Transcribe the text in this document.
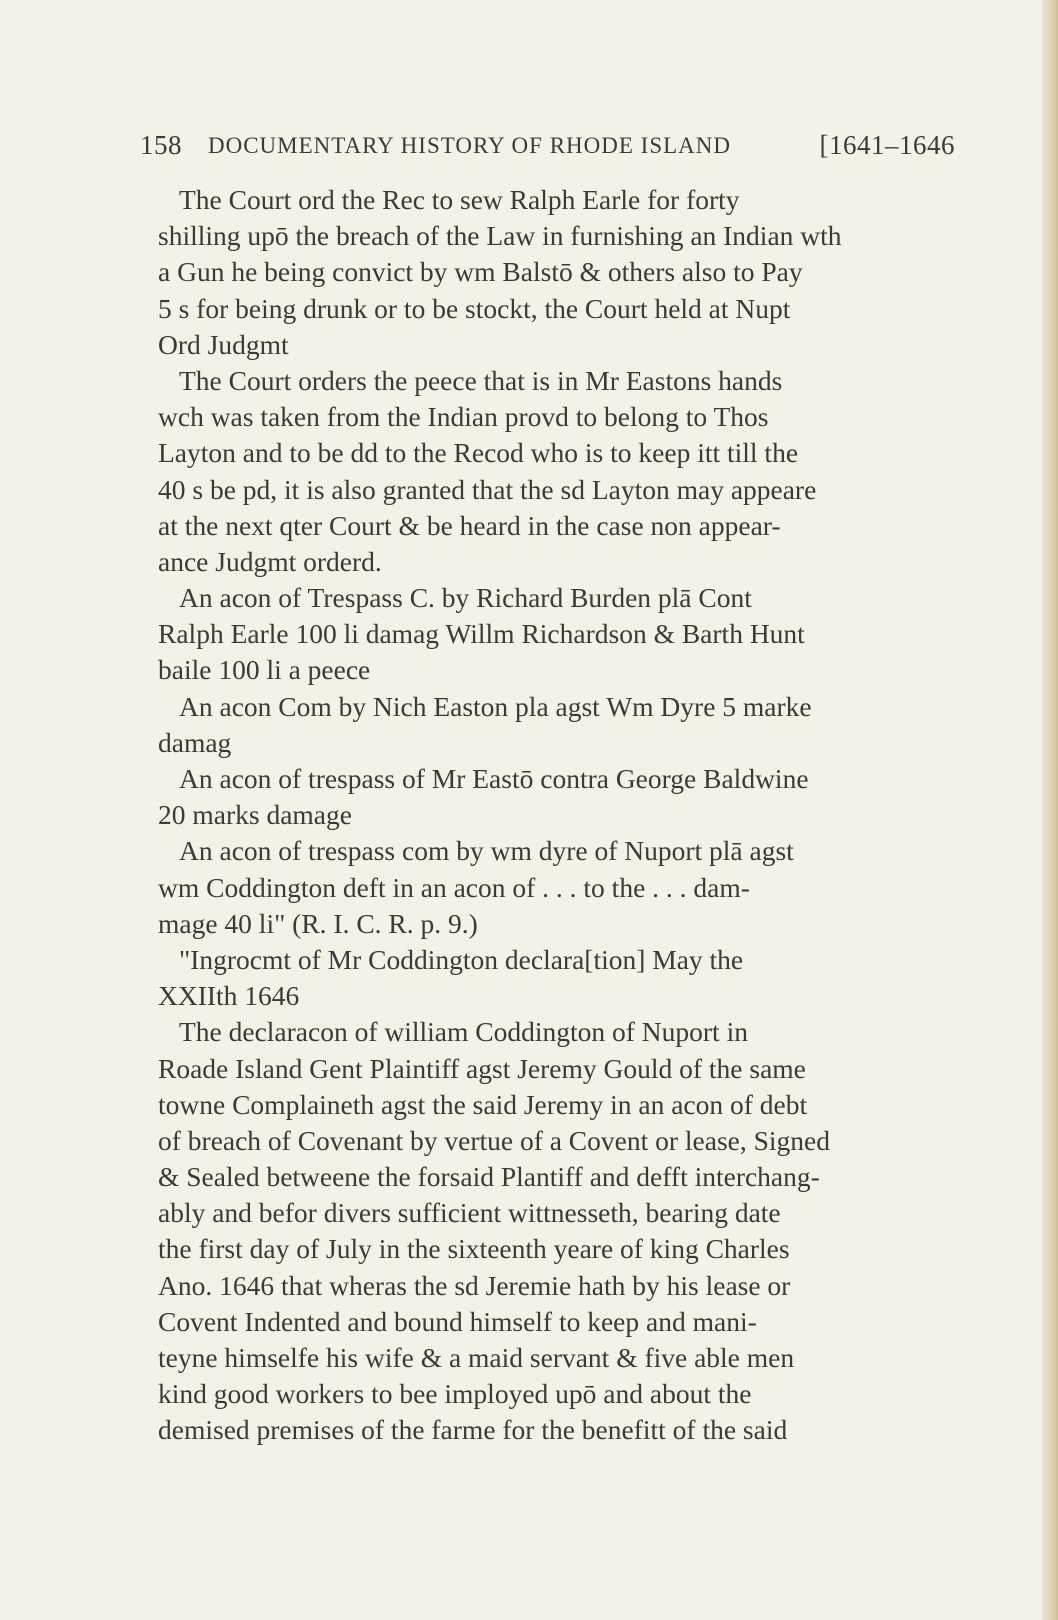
158 DOCUMENTARY HISTORY OF RHODE ISLAND	[1641–1646
The Court ord the Rec to sew Ralph Earle for forty
shilling upō the breach of the Law in furnishing an Indian wth
a Gun he being convict by wm Balstō & others also to Pay
5 s for being drunk or to be stockt, the Court held at Nupt
Ord Judgmt
The Court orders the peece that is in Mr Eastons hands
wch was taken from the Indian provd to belong to Thos
Layton and to be dd to the Recod who is to keep itt till the
40 s be pd, it is also granted that the sd Layton may appeare
at the next qter Court & be heard in the case non appear-
ance Judgmt orderd.
An acon of Trespass C. by Richard Burden plā Cont
Ralph Earle 100 li damag Willm Richardson & Barth Hunt
baile 100 li a peece
An acon Com by Nich Easton pla agst Wm Dyre 5 marke
damag
An acon of trespass of Mr Eastō contra George Baldwine
20 marks damage
An acon of trespass com by wm dyre of Nuport plā agst
wm Coddington deft in an acon of . . . to the . . . dam-
mage 40 li" (R. I. C. R. p. 9.)
"Ingrocmt of Mr Coddington declara[tion] May the
XXIIth 1646
The declaracon of william Coddington of Nuport in
Roade Island Gent Plaintiff agst Jeremy Gould of the same
towne Complaineth agst the said Jeremy in an acon of debt
of breach of Covenant by vertue of a Covent or lease, Signed
& Sealed betweene the forsaid Plantiff and defft interchang-
ably and befor divers sufficient wittnesseth, bearing date
the first day of July in the sixteenth yeare of king Charles
Ano. 1646 that wheras the sd Jeremie hath by his lease or
Covent Indented and bound himself to keep and mani-
teyne himselfe his wife & a maid servant & five able men
kind good workers to bee imployed upō and about the
demised premises of the farme for the benefitt of the said
